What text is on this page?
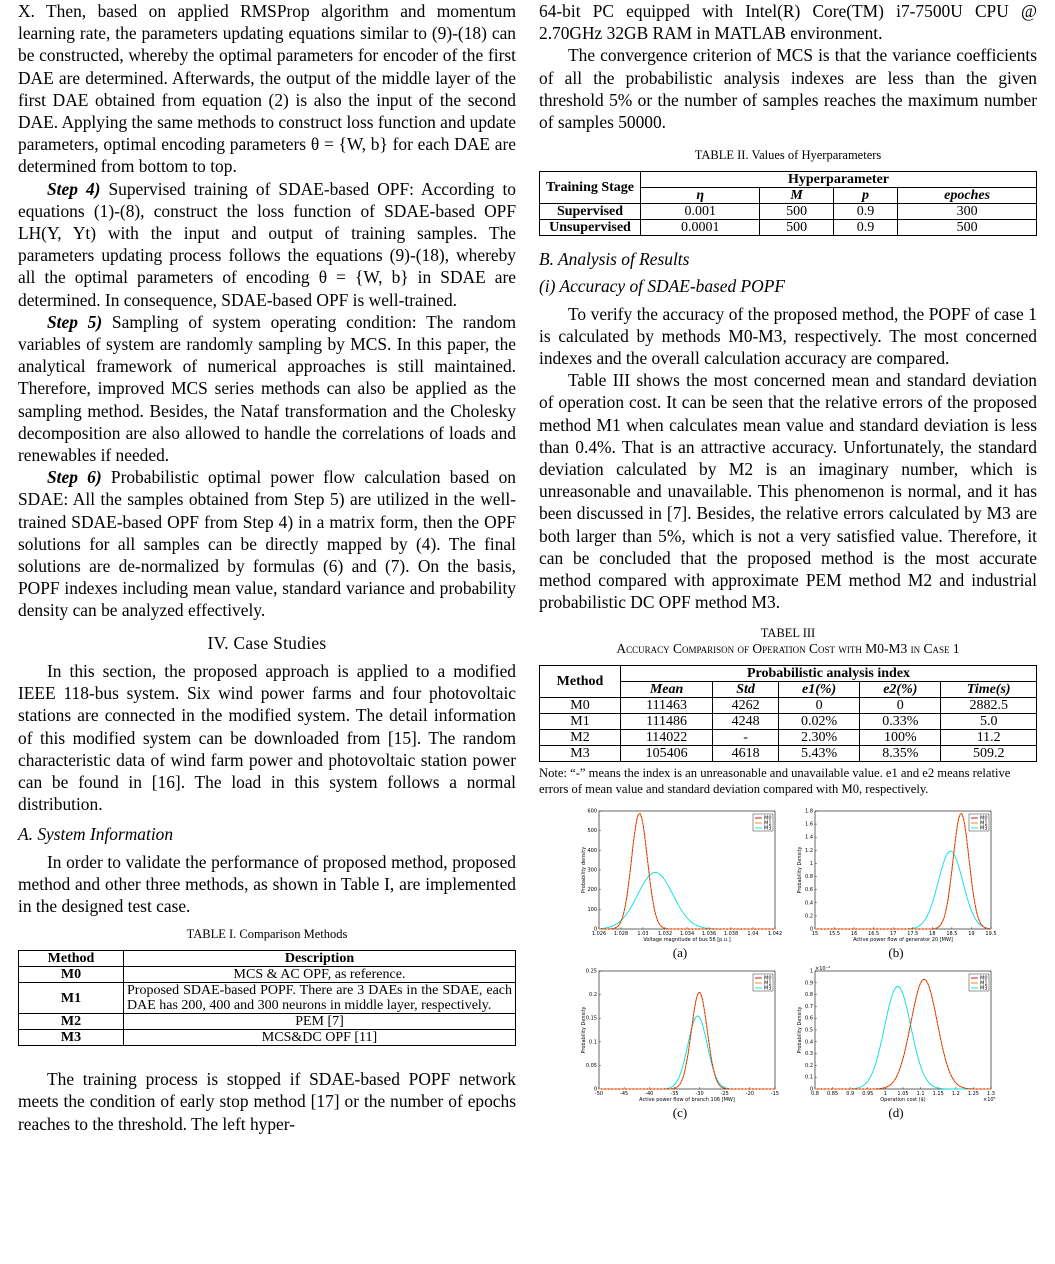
X. Then, based on applied RMSProp algorithm and momentum learning rate, the parameters updating equations similar to (9)-(18) can be constructed, whereby the optimal parameters for encoder of the first DAE are determined. Afterwards, the output of the middle layer of the first DAE obtained from equation (2) is also the input of the second DAE. Applying the same methods to construct loss function and update parameters, optimal encoding parameters θ = {W, b} for each DAE are determined from bottom to top.

Step 4) Supervised training of SDAE-based OPF: According to equations (1)-(8), construct the loss function of SDAE-based OPF LH(Y, Yt) with the input and output of training samples. The parameters updating process follows the equations (9)-(18), whereby all the optimal parameters of encoding θ = {W, b} in SDAE are determined. In consequence, SDAE-based OPF is well-trained.

Step 5) Sampling of system operating condition: The random variables of system are randomly sampling by MCS. In this paper, the analytical framework of numerical approaches is still maintained. Therefore, improved MCS series methods can also be applied as the sampling method. Besides, the Nataf transformation and the Cholesky decomposition are also allowed to handle the correlations of loads and renewables if needed.

Step 6) Probabilistic optimal power flow calculation based on SDAE: All the samples obtained from Step 5) are utilized in the well-trained SDAE-based OPF from Step 4) in a matrix form, then the OPF solutions for all samples can be directly mapped by (4). The final solutions are de-normalized by formulas (6) and (7). On the basis, POPF indexes including mean value, standard variance and probability density can be analyzed effectively.

IV. Case Studies

In this section, the proposed approach is applied to a modified IEEE 118-bus system. Six wind power farms and four photovoltaic stations are connected in the modified system. The detail information of this modified system can be downloaded from [15]. The random characteristic data of wind farm power and photovoltaic station power can be found in [16]. The load in this system follows a normal distribution.

A. System Information

In order to validate the performance of proposed method, proposed method and other three methods, as shown in Table I, are implemented in the designed test case.

TABLE I. Comparison Methods
Method	Description
M0	MCS & AC OPF, as reference.
M1	Proposed SDAE-based POPF. There are 3 DAEs in the SDAE, each DAE has 200, 400 and 300 neurons in middle layer, respectively.
M2	PEM [7]
M3	MCS&DC OPF [11]

The training process is stopped if SDAE-based POPF network meets the condition of early stop method [17] or the number of epochs reaches to the threshold. The left hyper-

64-bit PC equipped with Intel(R) Core(TM) i7-7500U CPU @ 2.70GHz 32GB RAM in MATLAB environment.

The convergence criterion of MCS is that the variance coefficients of all the probabilistic analysis indexes are less than the given threshold 5% or the number of samples reaches the maximum number of samples 50000.

TABLE II. Values of Hyerparameters
Training Stage	Hyperparameter			
	η	M	p	epoches
Supervised	0.001	500	0.9	300
Unsupervised	0.0001	500	0.9	500
B. Analysis of Results
(i) Accuracy of SDAE-based POPF

To verify the accuracy of the proposed method, the POPF of case 1 is calculated by methods M0-M3, respectively. The most concerned indexes and the overall calculation accuracy are compared.

Table III shows the most concerned mean and standard deviation of operation cost. It can be seen that the relative errors of the proposed method M1 when calculates mean value and standard deviation is less than 0.4%. That is an attractive accuracy. Unfortunately, the standard deviation calculated by M2 is an imaginary number, which is unreasonable and unavailable. This phenomenon is normal, and it has been discussed in [7]. Besides, the relative errors calculated by M3 are both larger than 5%, which is not a very satisfied value. Therefore, it can be concluded that the proposed method is the most accurate method compared with approximate PEM method M2 and industrial probabilistic DC OPF method M3.

TABEL III
Accuracy Comparison of Operation Cost with M0-M3 in Case 1
Method	Probabilistic analysis index				
	Mean	Std	e1(%)	e2(%)	Time(s)
M0	111463	4262	0	0	2882.5
M1	111486	4248	0.02%	0.33%	5.0
M2	114022	-	2.30%	100%	11.2
M3	105406	4618	5.43%	8.35%	509.2
Note: “-” means the index is an unreasonable and unavailable value. e1 and e2 means relative errors of mean value and standard deviation compared with M0, respectively.
0
100
200
300
400
500
600
1.026 1.028 1.03 1.032 1.034 1.036 1.038 1.04 1.042
Voltage magnitude of bus 56 [p.u.]
Probability density
M0
M1
M3
(a)
0
0.2
0.4
0.6
0.8
1
1.2
1.4
1.6
1.8
15 15.5 16 16.5 17 17.5 18 18.5 19 19.5
Active power flow of generator 20 [MW]
Probability Density
M0
M1
M3
(b)
0
0.05
0.1
0.15
0.2
0.25
-50	-45	-40	-35	-30	-25	-20	-15
Active power flow of branch 106 [MW]
Probability Density
M0
M1
M3
(c)
0
0.1
0.2
0.3
0.4
0.5
0.6
0.7
0.8
0.9
1
0.8 0.85 0.9 0.95 1 1.05 1.1 1.15 1.2 1.25 1.3
Operation cost ($)
Probability Density
×10⁻⁴
×10⁵
M0
M1
M3
(d)
